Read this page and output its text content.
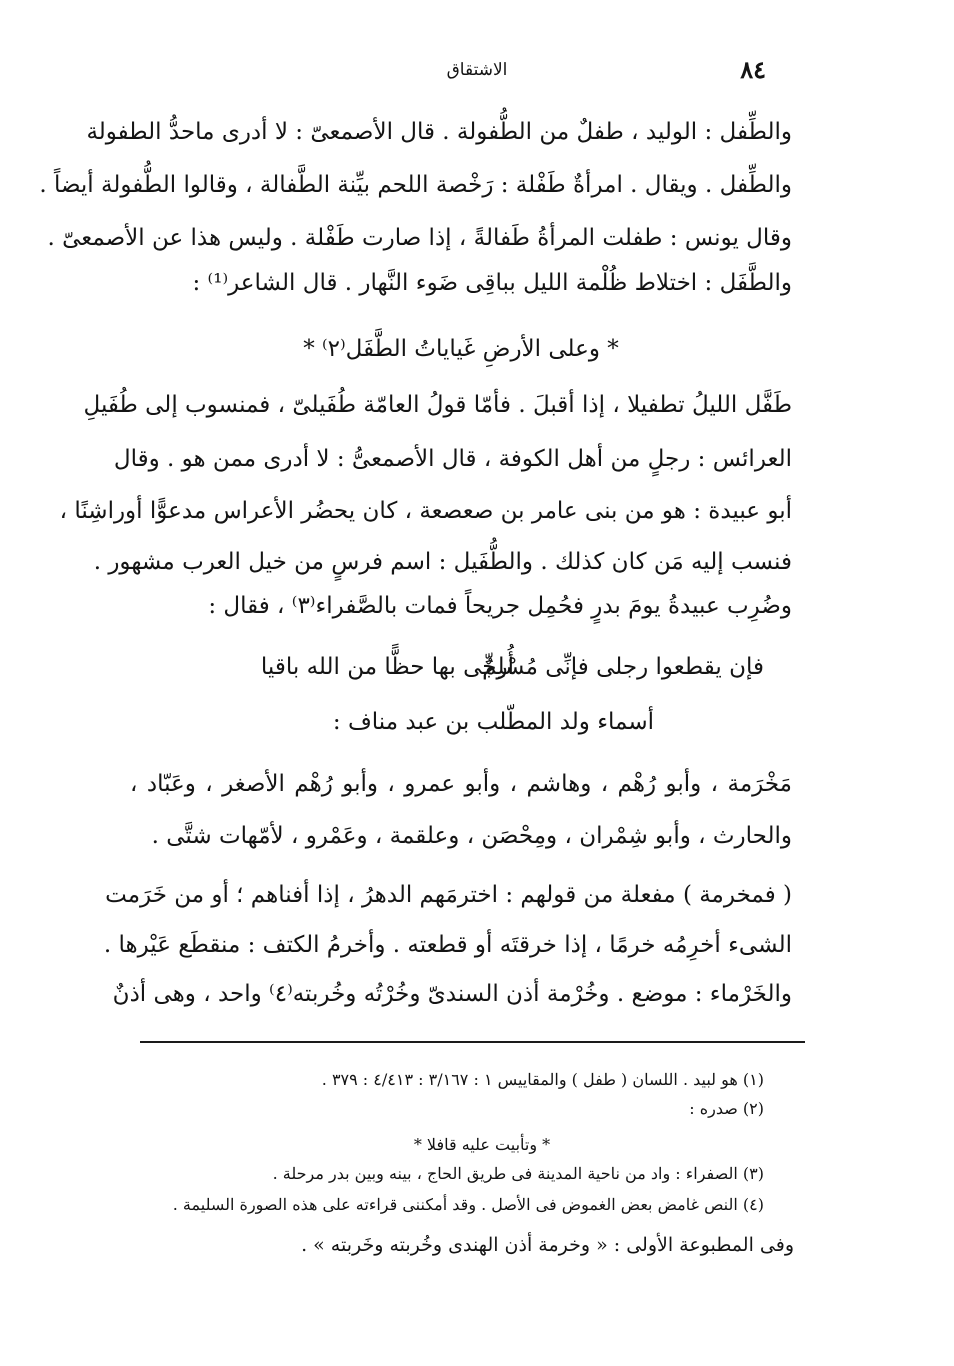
الاشتقاق	٨٤
والطِّفل : الوليد ، طفلٌ من الطُّفولة . قال الأصمعىّ : لا أدرى ماحدُّ الطفولة
والطِّفل . ويقال . امرأةٌ طَفْلة : رَخْصة اللحم بيِّنة الطَّفالة ، وقالوا الطُّفولة أيضاً .
وقال يونس : طفلت المرأةُ طَفالةً ، إذا صارت طَفْلة . وليس هذا عن الأصمعىّ .
والطَّفَل : اختلاط ظُلْمة الليل بباقِى ضَوء النَّهار . قال الشاعر⁽¹⁾ :
* وعلى الأرضِ غَياياتُ الطَّفَل⁽٢⁾ *
طَفَّل الليلُ تطفيلا ، إذا أقبلَ . فأمّا قولُ العامّة طُفَيلىّ ، فمنسوب إلى طُفَيلِ
العرائس : رجلٍ من أهل الكوفة ، قال الأصمعىُّ : لا أدرى ممن هو . وقال
أبو عبيدة : هو من بنى عامر بن صعصعة ، كان يحضُر الأعراس مدعوًّا أوراشِنًا ،
فنسب إليه مَن كان كذلك . والطُّفَيل : اسم فرسٍ من خيل العرب مشهور .
وضُرِب عبيدةُ يومَ بدرٍ فحُمِل جريحاً فمات بالصَّفراء⁽٣⁾ ، فقال :
فإن يقطعوا رجلى فإنِّى مُسْلِمٌ
أُرجِّى بها حظًّا من الله باقيا
أسماء ولد المطّلب بن عبد مناف :
مَخْرَمة ، وأبو رُهْم ، وهاشم ، وأبو عمرو ، وأبو رُهْم الأصغر ، وعَبّاد ،
والحارث ، وأبو شِمْران ، ومِحْصَن ، وعلقمة ، وعَمْرو ، لأمّهات شتَّى .
( فمخرمة ) مفعلة من قولهم : اخترمَهم الدهرُ ، إذا أفناهم ؛ أو من خَرَمت
الشىء أخرِمُه خرمًا ، إذا خرقتَه أو قطعته . وأخرمُ الكتف : منقطَع عَيْرها .
والخَرْماء : موضع . وخُرْمة أذن السندىّ وخُرْتُه وخُربته⁽٤⁾ واحد ، وهى أذنٌ
(١) هو لبيد . اللسان ( طفل ) والمقاييس ١ : ٣/١٦٧ : ٤/٤١٣ : ٣٧٩ .
(٢) صدره :
* وتأبيت عليه قافلا *
(٣) الصفراء : واد من ناحية المدينة فى طريق الحاج ، بينه وبين بدر مرحلة .
(٤) النص غامض بعض الغموض فى الأصل . وقد أمكننى قراءته على هذه الصورة السليمة .
وفى المطبوعة الأولى : « وخرمة أذن الهندى وخُربته وخَربته » .
